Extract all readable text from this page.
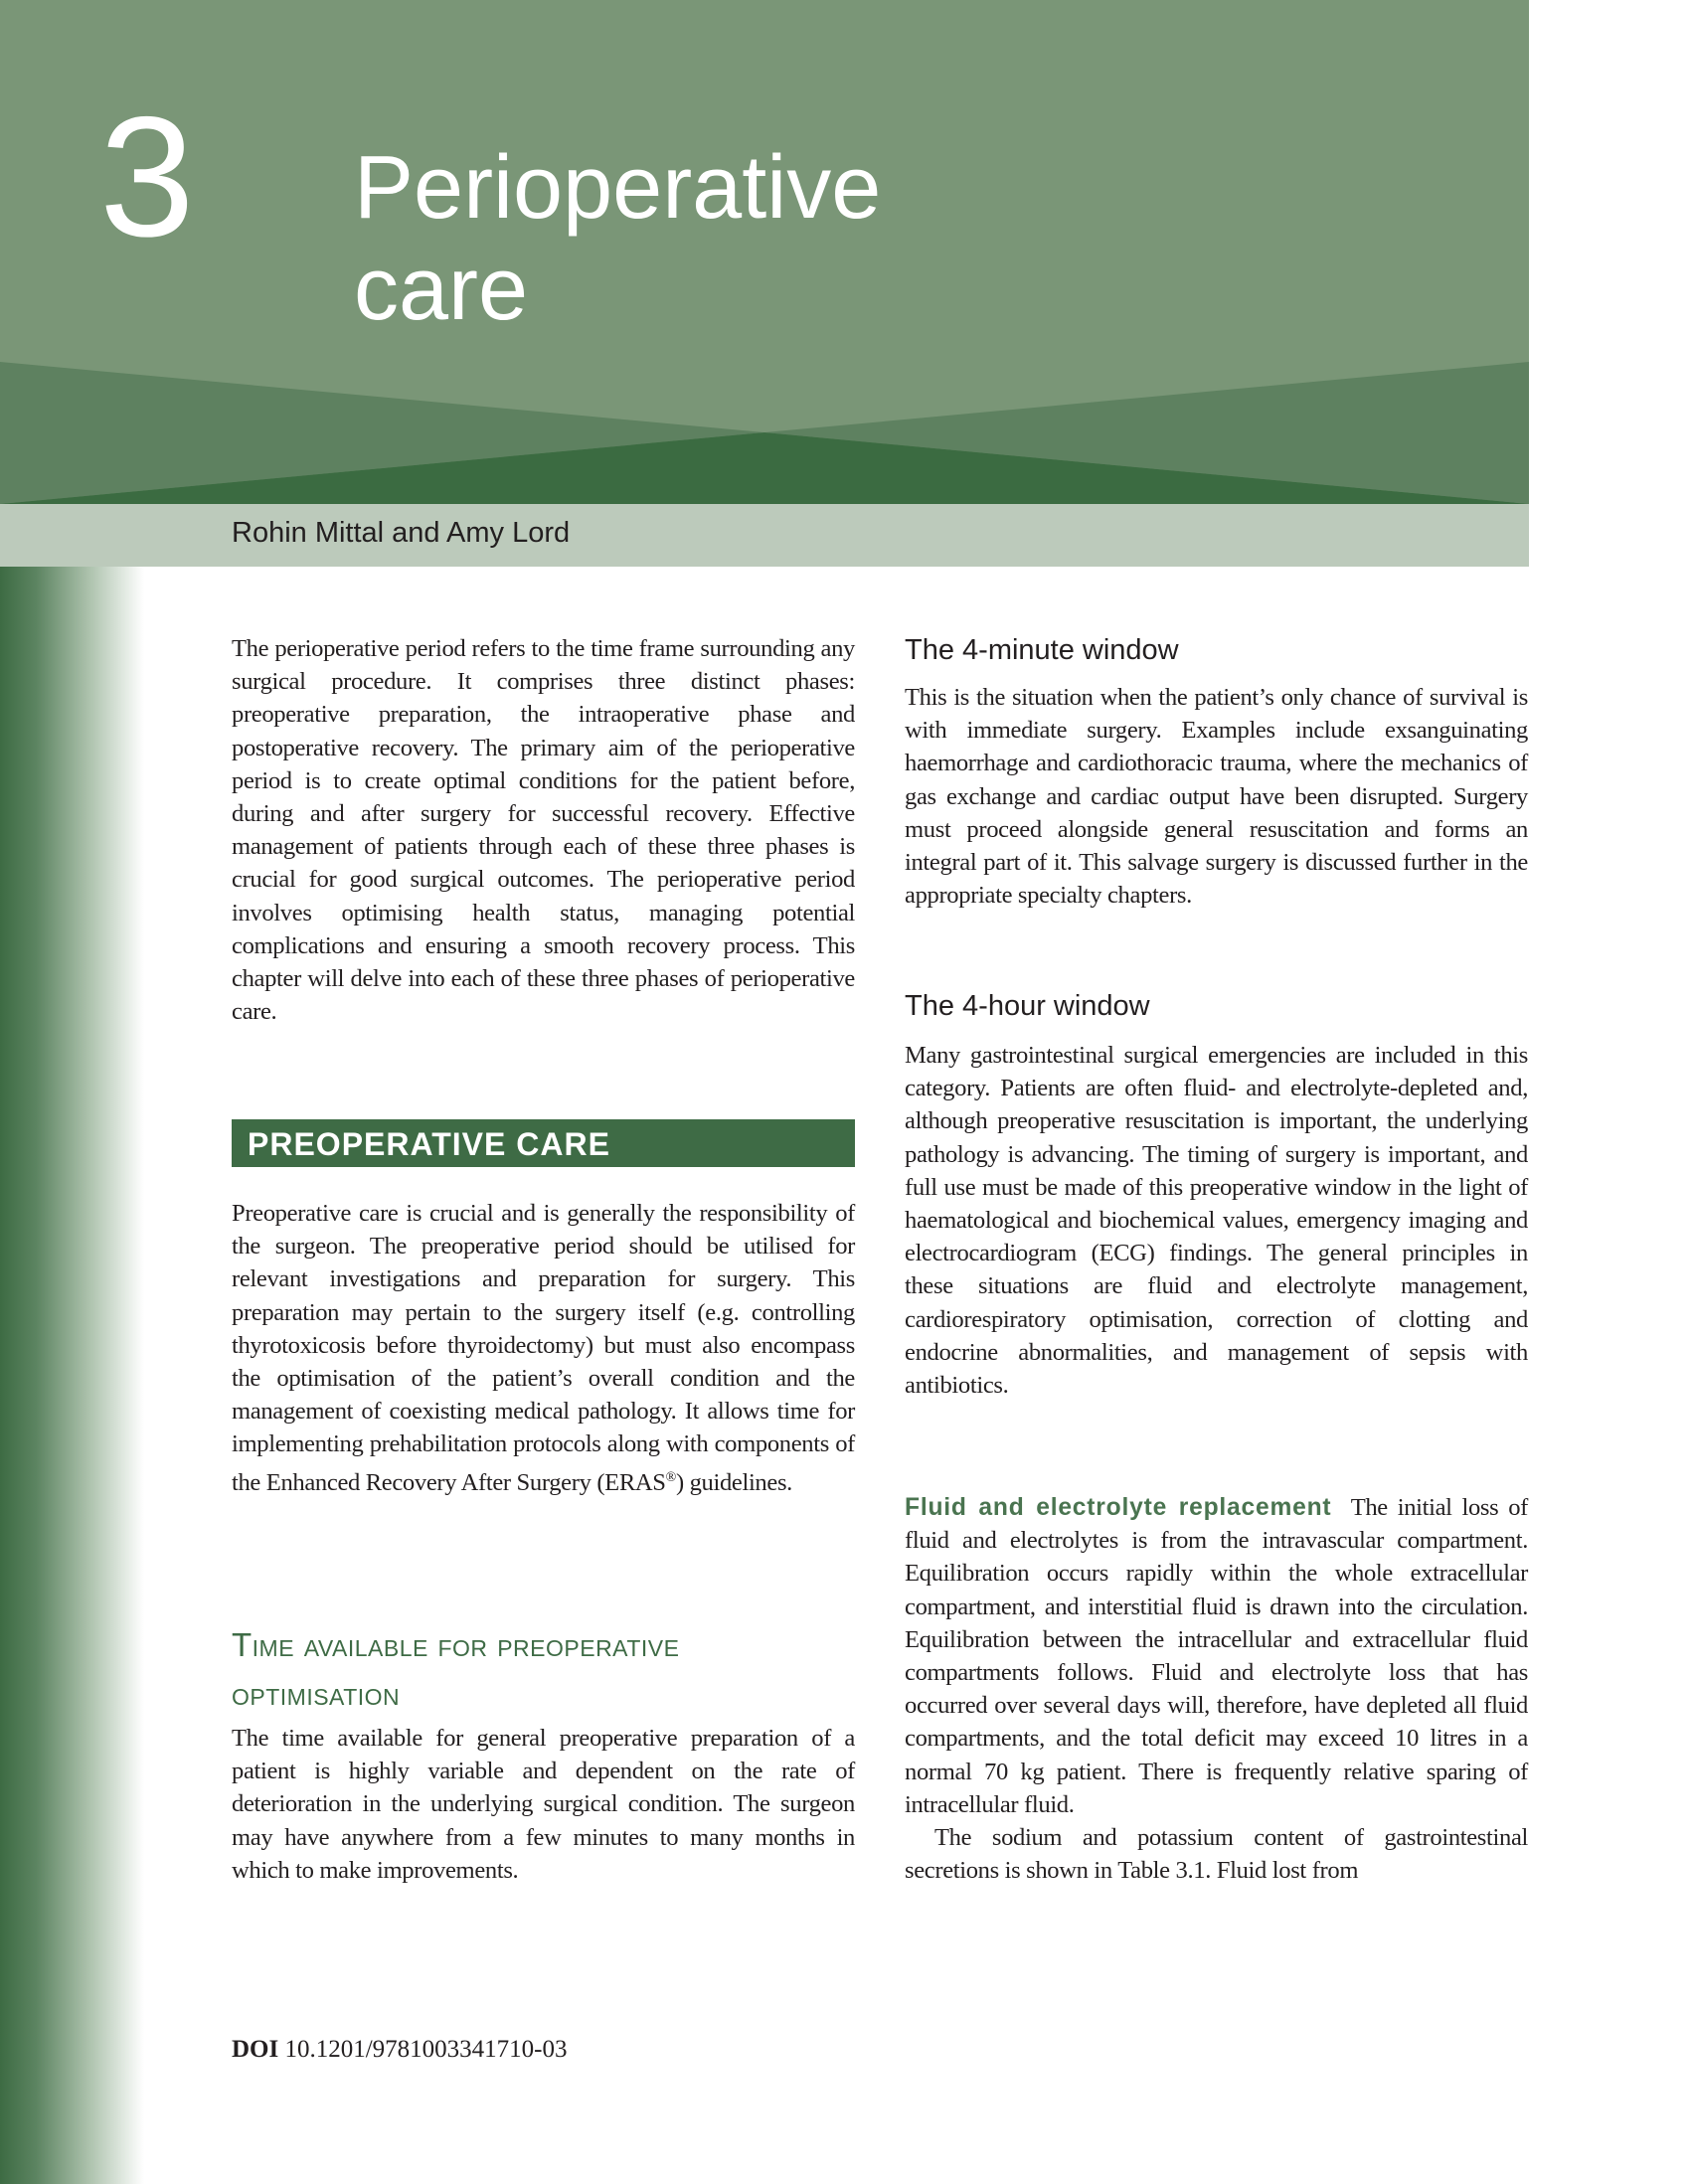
3 Perioperative care
Rohin Mittal and Amy Lord

The perioperative period refers to the time frame surrounding any surgical procedure. It comprises three distinct phases: preoperative preparation, the intraoperative phase and postoperative recovery. The primary aim of the perioperative period is to create optimal conditions for the patient before, during and after surgery for successful recovery. Effective management of patients through each of these three phases is crucial for good surgical outcomes. The perioperative period involves optimising health status, managing potential complications and ensuring a smooth recovery process. This chapter will delve into each of these three phases of perioperative care.

PREOPERATIVE CARE

Preoperative care is crucial and is generally the responsibility of the surgeon. The preoperative period should be utilised for relevant investigations and preparation for surgery. This preparation may pertain to the surgery itself (e.g. controlling thyrotoxicosis before thyroidectomy) but must also encompass the optimisation of the patient’s overall condition and the management of coexisting medical pathology. It allows time for implementing prehabilitation protocols along with components of the Enhanced Recovery After Surgery (ERAS®) guidelines.

Time available for preoperative optimisation

The time available for general preoperative preparation of a patient is highly variable and dependent on the rate of deterioration in the underlying surgical condition. The surgeon may have anywhere from a few minutes to many months in which to make improvements.

DOI 10.1201/9781003341710-03

The 4-minute window

This is the situation when the patient’s only chance of survival is with immediate surgery. Examples include exsanguinating haemorrhage and cardiothoracic trauma, where the mechanics of gas exchange and cardiac output have been disrupted. Surgery must proceed alongside general resuscitation and forms an integral part of it. This salvage surgery is discussed further in the appropriate specialty chapters.

The 4-hour window

Many gastrointestinal surgical emergencies are included in this category. Patients are often fluid- and electrolyte-depleted and, although preoperative resuscitation is important, the underlying pathology is advancing. The timing of surgery is important, and full use must be made of this preoperative window in the light of haematological and biochemical values, emergency imaging and electrocardiogram (ECG) findings. The general principles in these situations are fluid and electrolyte management, cardiorespiratory optimisation, correction of clotting and endocrine abnormalities, and management of sepsis with antibiotics.

Fluid and electrolyte replacement The initial loss of fluid and electrolytes is from the intravascular compartment. Equilibration occurs rapidly within the whole extracellular compartment, and interstitial fluid is drawn into the circulation. Equilibration between the intracellular and extracellular fluid compartments follows. Fluid and electrolyte loss that has occurred over several days will, therefore, have depleted all fluid compartments, and the total deficit may exceed 10 litres in a normal 70 kg patient. There is frequently relative sparing of intracellular fluid.

The sodium and potassium content of gastrointestinal secretions is shown in Table 3.1. Fluid lost from
